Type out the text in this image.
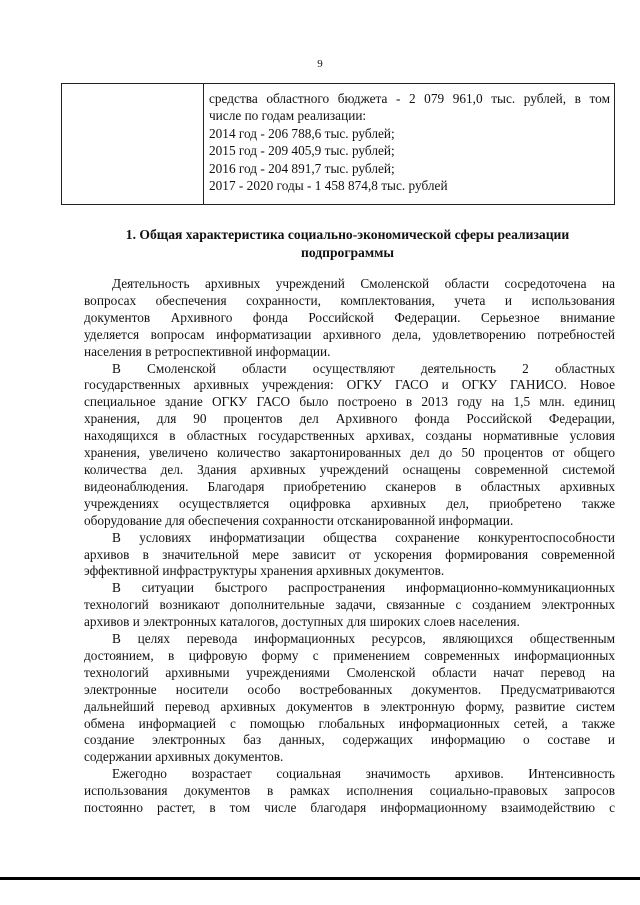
9

средства областного бюджета - 2 079 961,0 тыс. рублей, в том
числе по годам реализации:
2014 год - 206 788,6 тыс. рублей;
2015 год - 209 405,9 тыс. рублей;
2016 год - 204 891,7 тыс. рублей;
2017 - 2020 годы - 1 458 874,8 тыс. рублей
1. Общая характеристика социально-экономической сферы реализации
подпрограммы

Деятельность архивных учреждений Смоленской области сосредоточена на
вопросах обеспечения сохранности, комплектования, учета и использования
документов Архивного фонда Российской Федерации. Серьезное внимание
уделяется вопросам информатизации архивного дела, удовлетворению потребностей
населения в ретроспективной информации.

В Смоленской области осуществляют деятельность 2 областных
государственных архивных учреждения: ОГКУ ГАСО и ОГКУ ГАНИСО. Новое
специальное здание ОГКУ ГАСО было построено в 2013 году на 1,5 млн. единиц
хранения, для 90 процентов дел Архивного фонда Российской Федерации,
находящихся в областных государственных архивах, созданы нормативные условия
хранения, увеличено количество закартонированных дел до 50 процентов от общего
количества дел. Здания архивных учреждений оснащены современной системой
видеонаблюдения. Благодаря приобретению сканеров в областных архивных
учреждениях осуществляется оцифровка архивных дел, приобретено также
оборудование для обеспечения сохранности отсканированной информации.

В условиях информатизации общества сохранение конкурентоспособности
архивов в значительной мере зависит от ускорения формирования современной
эффективной инфраструктуры хранения архивных документов.

В ситуации быстрого распространения информационно-коммуникационных
технологий возникают дополнительные задачи, связанные с созданием электронных
архивов и электронных каталогов, доступных для широких слоев населения.

В целях перевода информационных ресурсов, являющихся общественным
достоянием, в цифровую форму с применением современных информационных
технологий архивными учреждениями Смоленской области начат перевод на
электронные носители особо востребованных документов. Предусматриваются
дальнейший перевод архивных документов в электронную форму, развитие систем
обмена информацией с помощью глобальных информационных сетей, а также
создание электронных баз данных, содержащих информацию о составе и
содержании архивных документов.

Ежегодно возрастает социальная значимость архивов. Интенсивность
использования документов в рамках исполнения социально-правовых запросов
постоянно растет, в том числе благодаря информационному взаимодействию с
